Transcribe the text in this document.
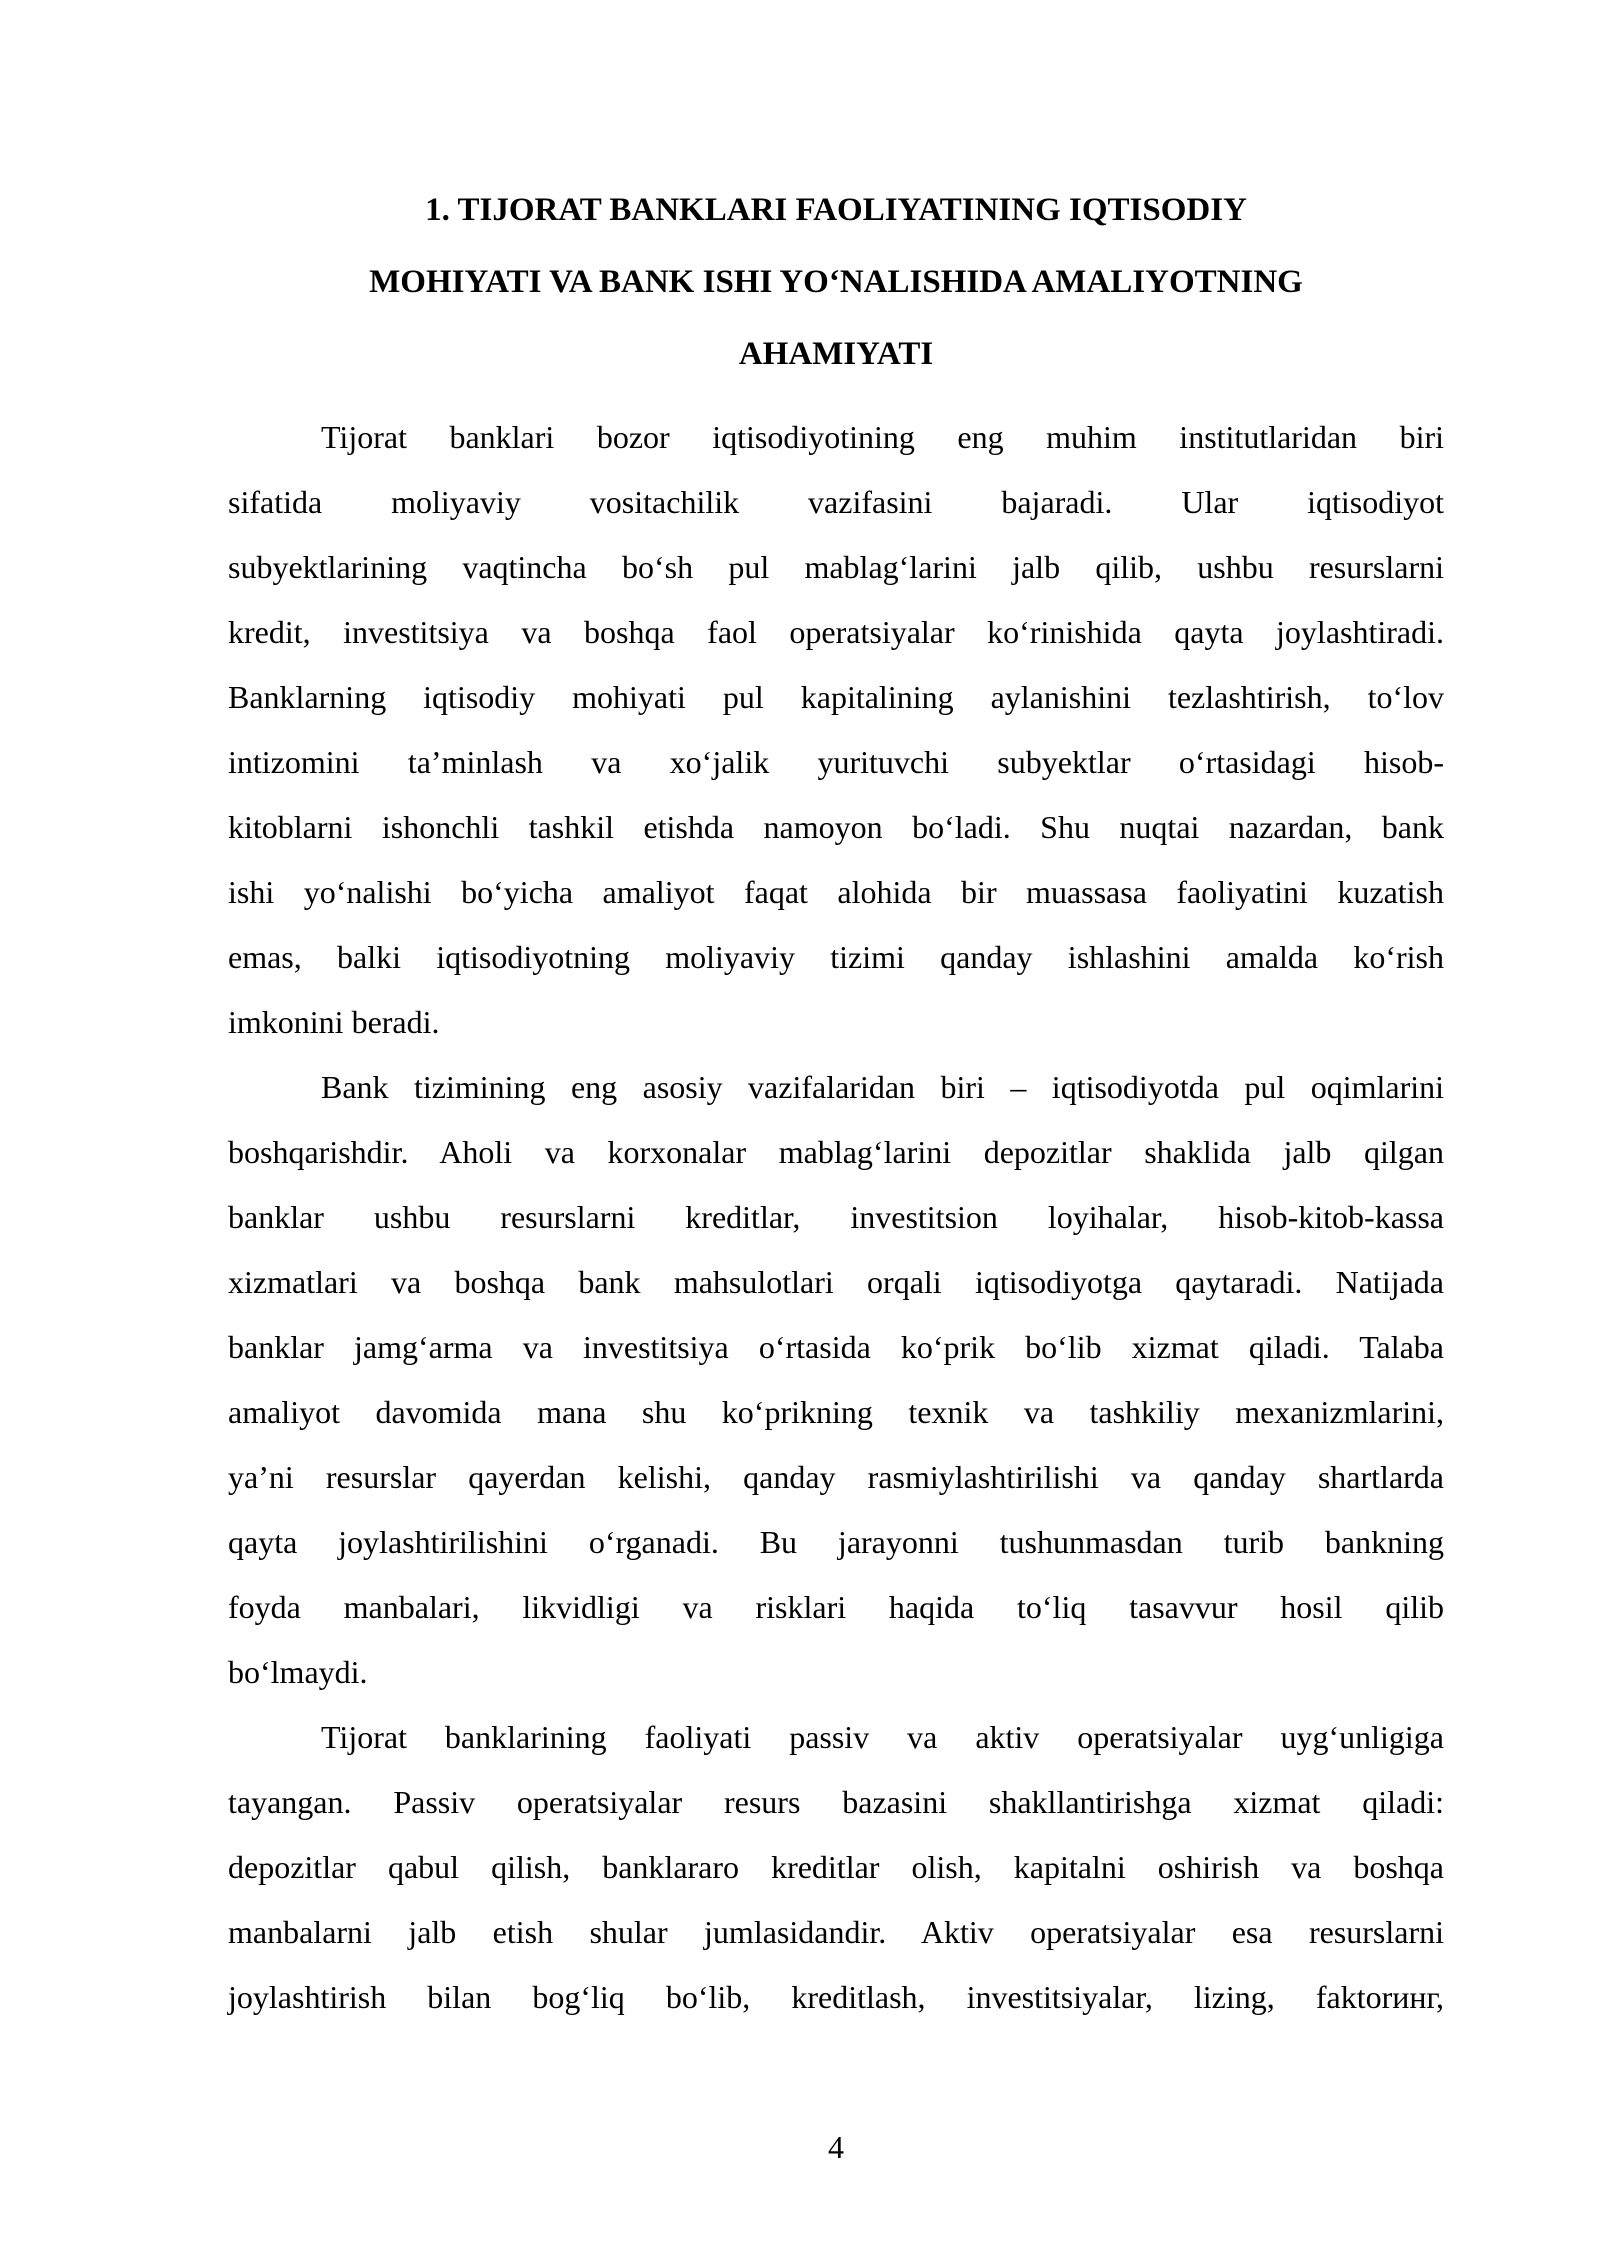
1. TIJORAT BANKLARI FAOLIYATINING IQTISODIY
MOHIYATI VA BANK ISHI YO‘NALISHIDA AMALIYOTNING
AHAMIYATI
Tijorat banklari bozor iqtisodiyotining eng muhim institutlaridan biri
sifatida moliyaviy vositachilik vazifasini bajaradi. Ular iqtisodiyot
subyektlarining vaqtincha bo‘sh pul mablag‘larini jalb qilib, ushbu resurslarni
kredit, investitsiya va boshqa faol operatsiyalar ko‘rinishida qayta joylashtiradi.
Banklarning iqtisodiy mohiyati pul kapitalining aylanishini tezlashtirish, to‘lov
intizomini ta’minlash va xo‘jalik yurituvchi subyektlar o‘rtasidagi hisob-
kitoblarni ishonchli tashkil etishda namoyon bo‘ladi. Shu nuqtai nazardan, bank
ishi yo‘nalishi bo‘yicha amaliyot faqat alohida bir muassasa faoliyatini kuzatish
emas, balki iqtisodiyotning moliyaviy tizimi qanday ishlashini amalda ko‘rish
imkonini beradi.
Bank tizimining eng asosiy vazifalaridan biri – iqtisodiyotda pul oqimlarini
boshqarishdir. Aholi va korxonalar mablag‘larini depozitlar shaklida jalb qilgan
banklar ushbu resurslarni kreditlar, investitsion loyihalar, hisob-kitob-kassa
xizmatlari va boshqa bank mahsulotlari orqali iqtisodiyotga qaytaradi. Natijada
banklar jamg‘arma va investitsiya o‘rtasida ko‘prik bo‘lib xizmat qiladi. Talaba
amaliyot davomida mana shu ko‘prikning texnik va tashkiliy mexanizmlarini,
ya’ni resurslar qayerdan kelishi, qanday rasmiylashtirilishi va qanday shartlarda
qayta joylashtirilishini o‘rganadi. Bu jarayonni tushunmasdan turib bankning
foyda manbalari, likvidligi va risklari haqida to‘liq tasavvur hosil qilib
bo‘lmaydi.
Tijorat banklarining faoliyati passiv va aktiv operatsiyalar uyg‘unligiga
tayangan. Passiv operatsiyalar resurs bazasini shakllantirishga xizmat qiladi:
depozitlar qabul qilish, banklararo kreditlar olish, kapitalni oshirish va boshqa
manbalarni jalb etish shular jumlasidandir. Aktiv operatsiyalar esa resurslarni
joylashtirish bilan bog‘liq bo‘lib, kreditlash, investitsiyalar, lizing, faktorинг,
4
